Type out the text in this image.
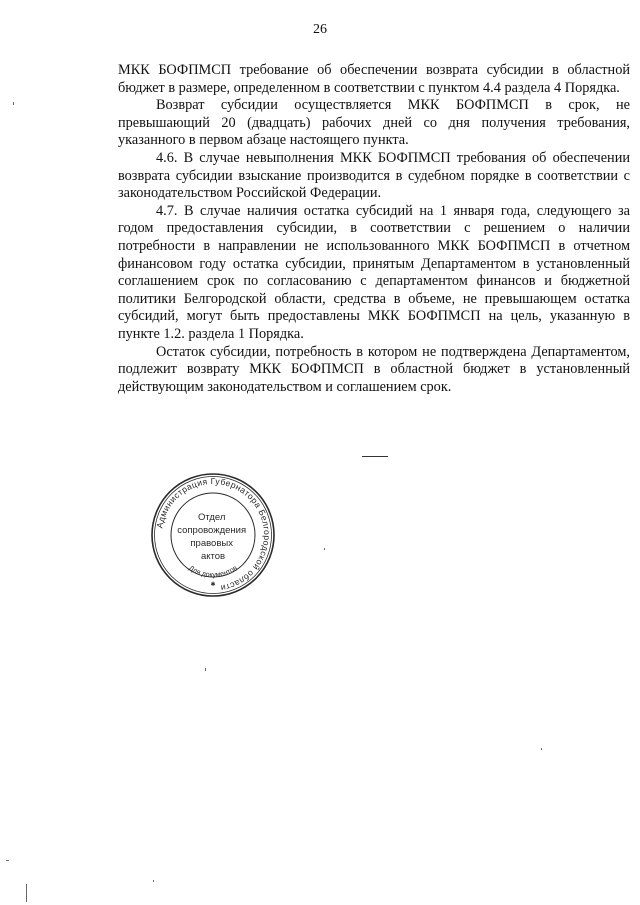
26

МКК БОФПМСП требование об обеспечении возврата субсидии в областной бюджет в размере, определенном в соответствии с пунктом 4.4 раздела 4 Порядка.

Возврат субсидии осуществляется МКК БОФПМСП в срок, не превышающий 20 (двадцать) рабочих дней со дня получения требования, указанного в первом абзаце настоящего пункта.

4.6. В случае невыполнения МКК БОФПМСП требования об обеспечении возврата субсидии взыскание производится в судебном порядке в соответствии с законодательством Российской Федерации.

4.7. В случае наличия остатка субсидий на 1 января года, следующего за годом предоставления субсидии, в соответствии с решением о наличии потребности в направлении не использованного МКК БОФПМСП в отчетном финансовом году остатка субсидии, принятым Департаментом в установленный соглашением срок по согласованию с департаментом финансов и бюджетной политики Белгородской области, средства в объеме, не превышающем остатка субсидий, могут быть предоставлены МКК БОФПМСП на цель, указанную в пункте 1.2. раздела 1 Порядка.

Остаток субсидии, потребность в котором не подтверждена Департаментом, подлежит возврату МКК БОФПМСП в областной бюджет в установленный действующим законодательством и соглашением срок.

Администрация Губернатора Белгородской области
Для документов
Отдел сопровождения правовых актов
✱
